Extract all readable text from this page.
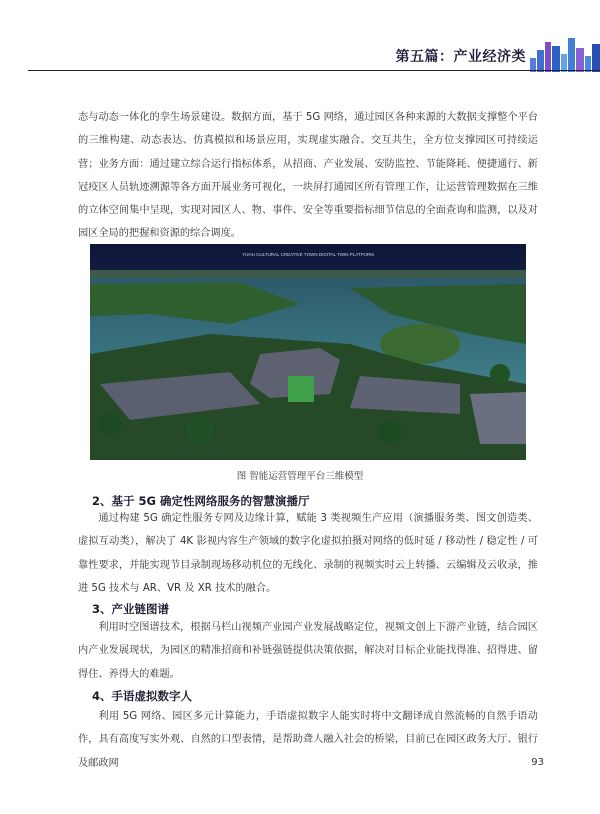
第五篇：产业经济类

态与动态一体化的孪生场景建设。数据方面，基于 5G 网络，通过园区各种来源的大数据支撑整个平台的三维构建、动态表达、仿真模拟和场景应用，实现虚实融合、交互共生，全方位支撑园区可持续运营；业务方面：通过建立综合运行指标体系，从招商、产业发展、安防监控、节能降耗、便捷通行、新冠疫区人员轨迹溯源等各方面开展业务可视化，一块屏打通园区所有管理工作，让运营管理数据在三维的立体空间集中呈现，实现对园区人、物、事件、安全等重要指标细节信息的全面查询和监测，以及对园区全局的把握和资源的综合调度。

YUHU CULTURAL CREATIVE TOWN DIGITAL TWIN PLATFORM
图 智能运营管理平台三维模型
2、基于 5G 确定性网络服务的智慧演播厅

通过构建 5G 确定性服务专网及边缘计算，赋能 3 类视频生产应用（演播服务类、图文创造类、虚拟互动类），解决了 4K 影视内容生产领域的数字化虚拟拍摄对网络的低时延 / 移动性 / 稳定性 / 可靠性要求，并能实现节目录制现场移动机位的无线化、录制的视频实时云上转播、云编辑及云收录，推进 5G 技术与 AR、VR 及 XR 技术的融合。

3、产业链图谱

利用时空图谱技术，根据马栏山视频产业园产业发展战略定位，视频文创上下游产业链，结合园区内产业发展现状，为园区的精准招商和补链强链提供决策依据，解决对目标企业能找得准、招得进、留得住、养得大的难题。

4、手语虚拟数字人

利用 5G 网络、园区多元计算能力，手语虚拟数字人能实时将中文翻译成自然流畅的自然手语动作，具有高度写实外观、自然的口型表情，是帮助聋人融入社会的桥梁，目前已在园区政务大厅、银行及邮政网	93
